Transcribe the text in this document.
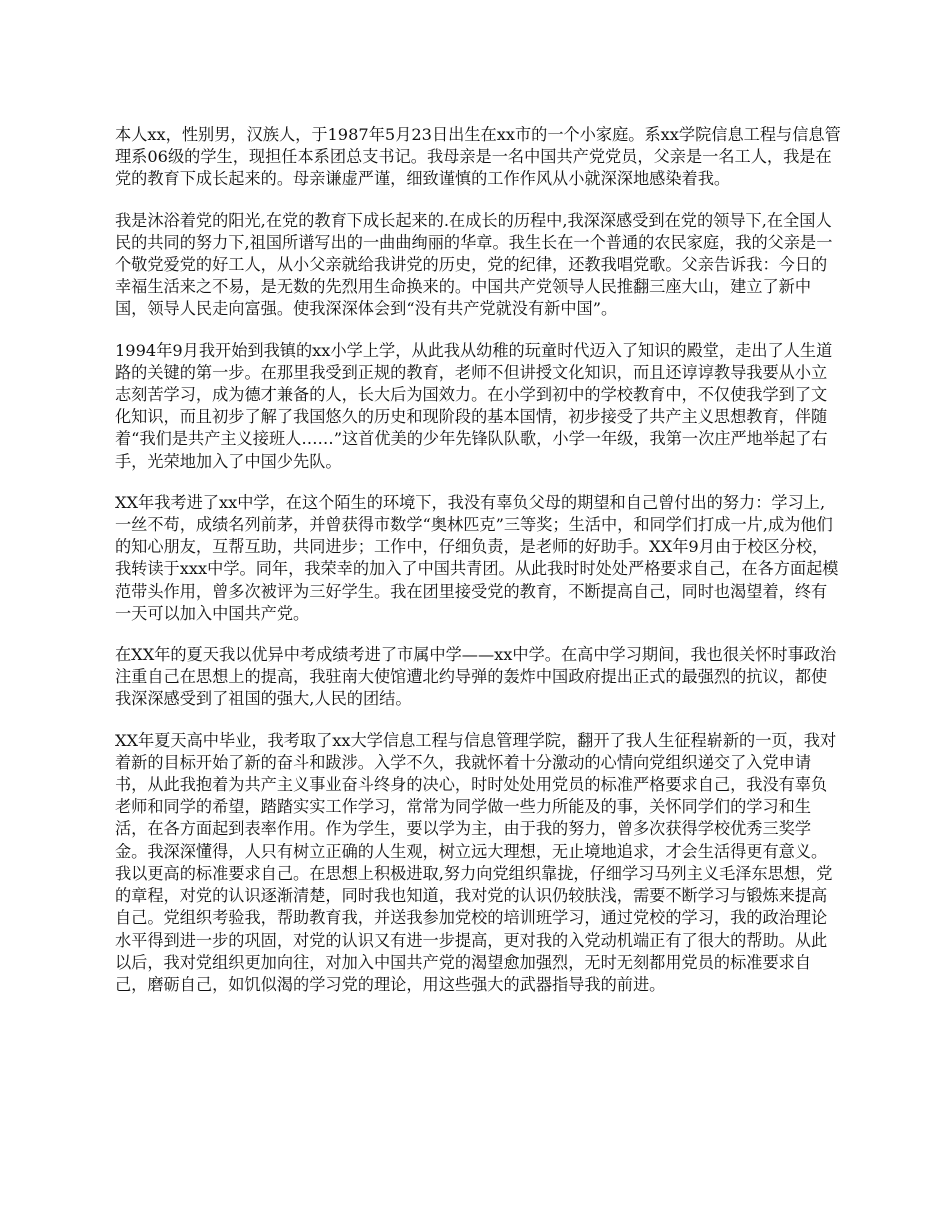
本人xx，性别男，汉族人，于1987年5月23日出生在xx市的一个小家庭。系xx学院信息工程与信息管理系06级的学生，现担任本系团总支书记。我母亲是一名中国共产党党员，父亲是一名工人，我是在党的教育下成长起来的。母亲谦虚严谨，细致谨慎的工作作风从小就深深地感染着我。

我是沐浴着党的阳光,在党的教育下成长起来的.在成长的历程中,我深深感受到在党的领导下,在全国人民的共同的努力下,祖国所谱写出的一曲曲绚丽的华章。我生长在一个普通的农民家庭，我的父亲是一个敬党爱党的好工人，从小父亲就给我讲党的历史，党的纪律，还教我唱党歌。父亲告诉我：今日的幸福生活来之不易，是无数的先烈用生命换来的。中国共产党领导人民推翻三座大山，建立了新中国，领导人民走向富强。使我深深体会到“没有共产党就没有新中国”。

1994年9月我开始到我镇的xx小学上学，从此我从幼稚的玩童时代迈入了知识的殿堂，走出了人生道路的关键的第一步。在那里我受到正规的教育，老师不但讲授文化知识，而且还谆谆教导我要从小立志刻苦学习，成为德才兼备的人，长大后为国效力。在小学到初中的学校教育中，不仅使我学到了文化知识，而且初步了解了我国悠久的历史和现阶段的基本国情，初步接受了共产主义思想教育，伴随着“我们是共产主义接班人……”这首优美的少年先锋队队歌，小学一年级，我第一次庄严地举起了右手，光荣地加入了中国少先队。

XX年我考进了xx中学，在这个陌生的环境下，我没有辜负父母的期望和自己曾付出的努力：学习上,一丝不苟，成绩名列前茅，并曾获得市数学“奥林匹克”三等奖；生活中，和同学们打成一片,成为他们的知心朋友，互帮互助，共同进步；工作中，仔细负责，是老师的好助手。XX年9月由于校区分校，我转读于xxx中学。同年，我荣幸的加入了中国共青团。从此我时时处处严格要求自己，在各方面起模范带头作用，曾多次被评为三好学生。我在团里接受党的教育，不断提高自己，同时也渴望着，终有一天可以加入中国共产党。

在XX年的夏天我以优异中考成绩考进了市属中学——xx中学。在高中学习期间，我也很关怀时事政治注重自己在思想上的提高，我驻南大使馆遭北约导弹的轰炸中国政府提出正式的最强烈的抗议，都使我深深感受到了祖国的强大,人民的团结。

XX年夏天高中毕业，我考取了xx大学信息工程与信息管理学院，翻开了我人生征程崭新的一页，我对着新的目标开始了新的奋斗和跋涉。入学不久，我就怀着十分激动的心情向党组织递交了入党申请书，从此我抱着为共产主义事业奋斗终身的决心，时时处处用党员的标准严格要求自己，我没有辜负老师和同学的希望，踏踏实实工作学习，常常为同学做一些力所能及的事，关怀同学们的学习和生活，在各方面起到表率作用。作为学生，要以学为主，由于我的努力，曾多次获得学校优秀三奖学金。我深深懂得，人只有树立正确的人生观，树立远大理想，无止境地追求，才会生活得更有意义。我以更高的标准要求自己。在思想上积极进取,努力向党组织靠拢，仔细学习马列主义毛泽东思想，党的章程，对党的认识逐渐清楚，同时我也知道，我对党的认识仍较肤浅，需要不断学习与锻炼来提高自己。党组织考验我，帮助教育我，并送我参加党校的培训班学习，通过党校的学习，我的政治理论水平得到进一步的巩固，对党的认识又有进一步提高，更对我的入党动机端正有了很大的帮助。从此以后，我对党组织更加向往，对加入中国共产党的渴望愈加强烈，无时无刻都用党员的标准要求自己，磨砺自己，如饥似渴的学习党的理论，用这些强大的武器指导我的前进。
